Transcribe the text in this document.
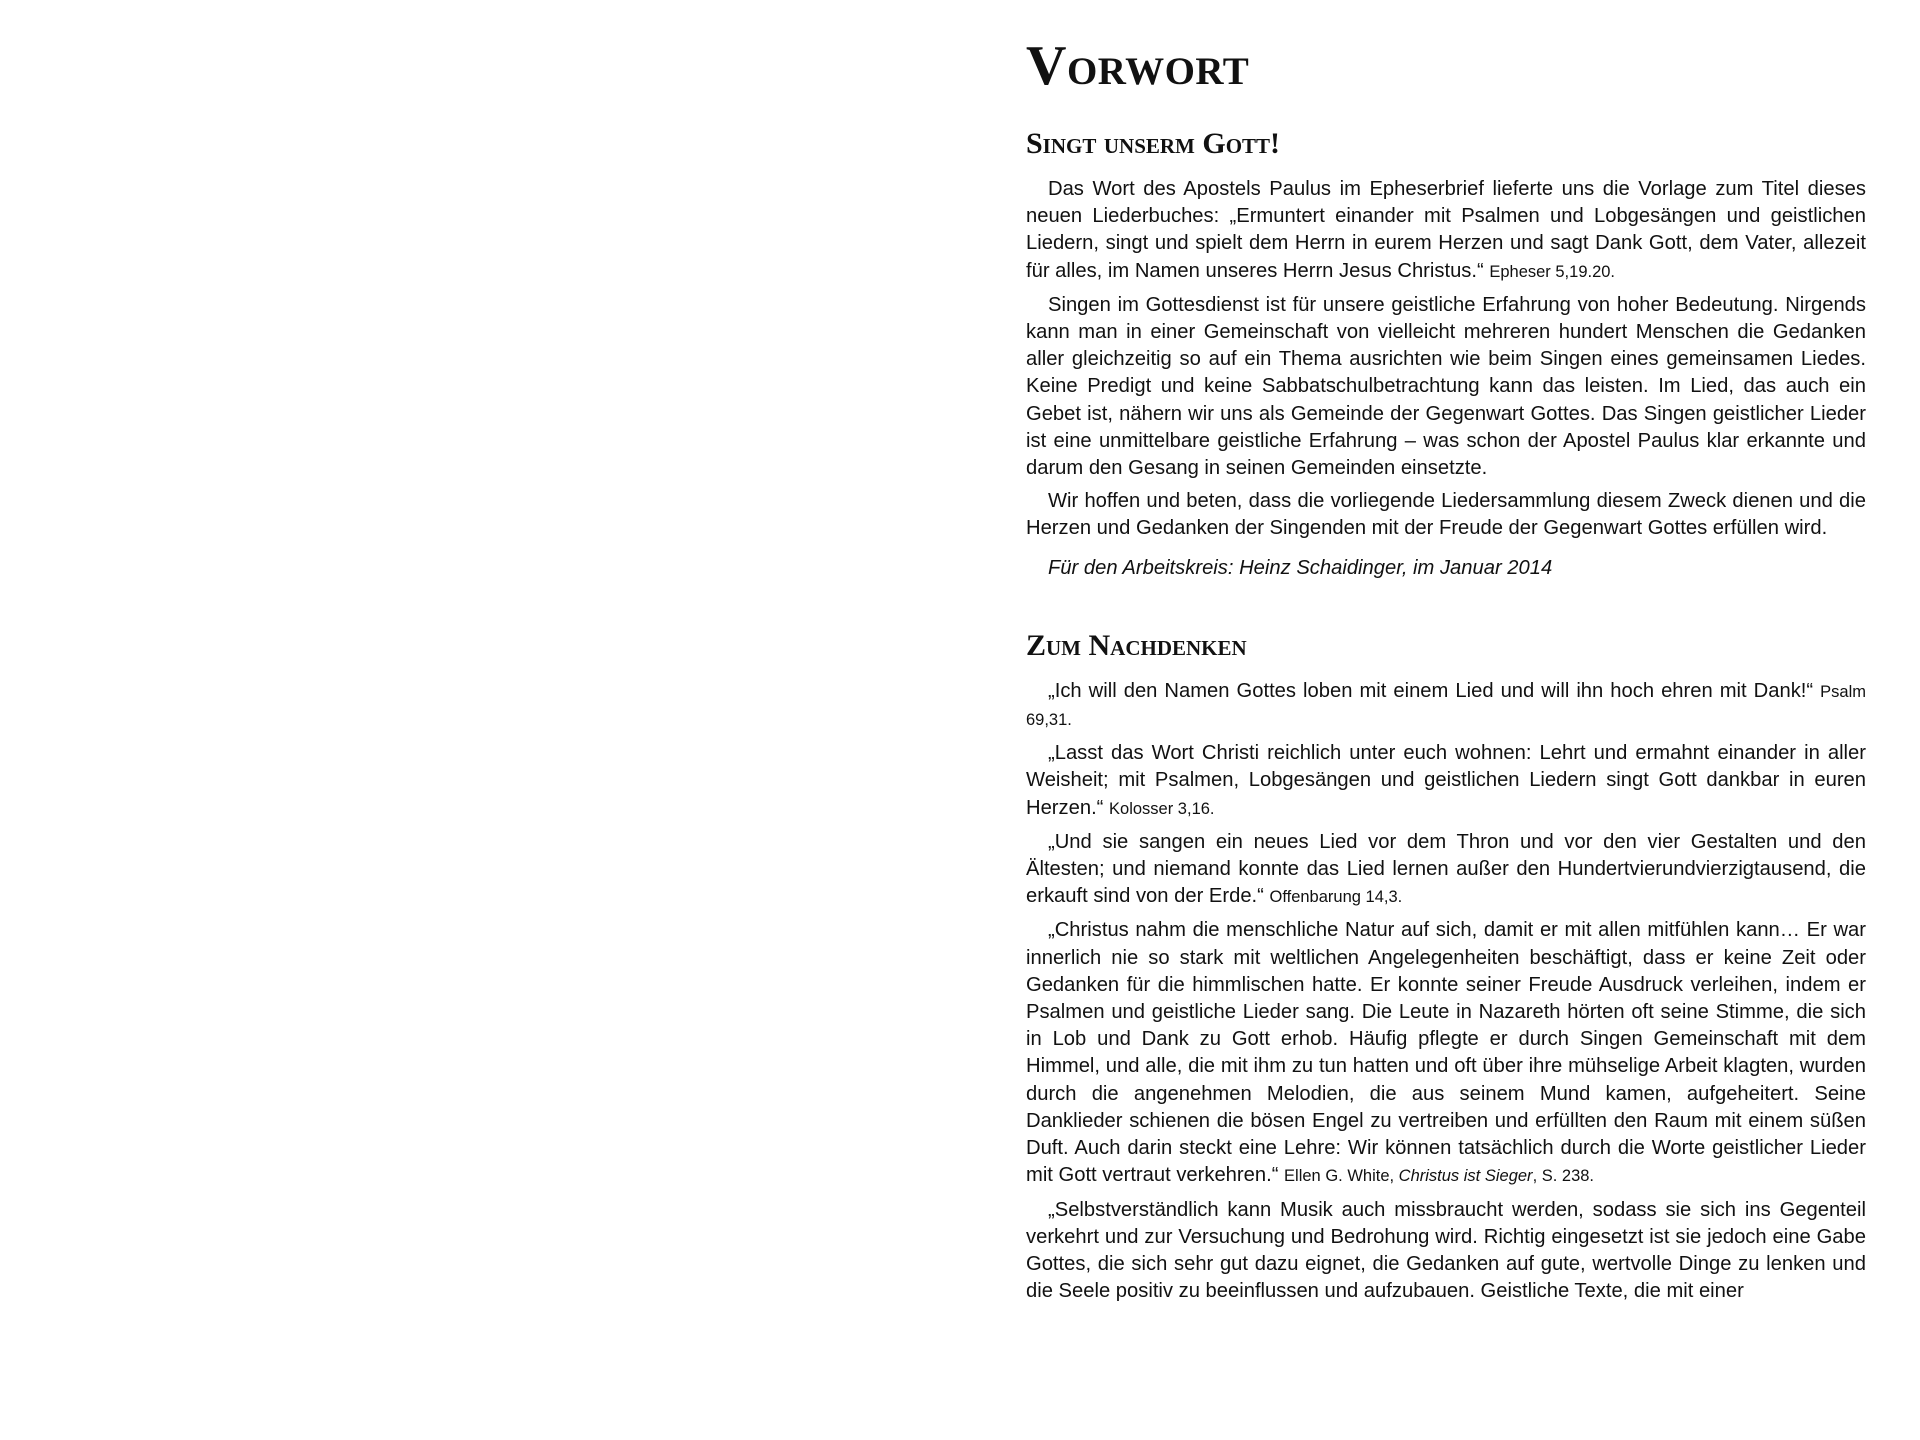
Vorwort
Singt unserm Gott!

Das Wort des Apostels Paulus im Epheserbrief lieferte uns die Vorlage zum Titel dieses neuen Liederbuches: „Ermuntert einander mit Psalmen und Lobgesängen und geistlichen Liedern, singt und spielt dem Herrn in eurem Herzen und sagt Dank Gott, dem Vater, allezeit für alles, im Namen unseres Herrn Jesus Christus.“ Epheser 5,19.20.

Singen im Gottesdienst ist für unsere geistliche Erfahrung von hoher Bedeutung. Nirgends kann man in einer Gemeinschaft von vielleicht mehreren hundert Menschen die Gedanken aller gleichzeitig so auf ein Thema ausrichten wie beim Singen eines gemeinsamen Liedes. Keine Predigt und keine Sabbatschulbetrachtung kann das leisten. Im Lied, das auch ein Gebet ist, nähern wir uns als Gemeinde der Gegenwart Gottes. Das Singen geistlicher Lieder ist eine unmittelbare geistliche Erfahrung – was schon der Apostel Paulus klar erkannte und darum den Gesang in seinen Gemeinden einsetzte.

Wir hoffen und beten, dass die vorliegende Liedersammlung diesem Zweck dienen und die Herzen und Gedanken der Singenden mit der Freude der Gegenwart Gottes erfüllen wird.

Für den Arbeitskreis: Heinz Schaidinger, im Januar 2014

Zum Nachdenken

„Ich will den Namen Gottes loben mit einem Lied und will ihn hoch ehren mit Dank!“ Psalm 69,31.

„Lasst das Wort Christi reichlich unter euch wohnen: Lehrt und ermahnt einander in aller Weisheit; mit Psalmen, Lobgesängen und geistlichen Liedern singt Gott dankbar in euren Herzen.“ Kolosser 3,16.

„Und sie sangen ein neues Lied vor dem Thron und vor den vier Gestalten und den Ältesten; und niemand konnte das Lied lernen außer den Hundertvierundvierzigtausend, die erkauft sind von der Erde.“ Offenbarung 14,3.

„Christus nahm die menschliche Natur auf sich, damit er mit allen mitfühlen kann… Er war innerlich nie so stark mit weltlichen Angelegenheiten beschäftigt, dass er keine Zeit oder Gedanken für die himmlischen hatte. Er konnte seiner Freude Ausdruck verleihen, indem er Psalmen und geistliche Lieder sang. Die Leute in Nazareth hörten oft seine Stimme, die sich in Lob und Dank zu Gott erhob. Häufig pflegte er durch Singen Gemeinschaft mit dem Himmel, und alle, die mit ihm zu tun hatten und oft über ihre mühselige Arbeit klagten, wurden durch die angenehmen Melodien, die aus seinem Mund kamen, aufgeheitert. Seine Danklieder schienen die bösen Engel zu vertreiben und erfüllten den Raum mit einem süßen Duft. Auch darin steckt eine Lehre: Wir können tatsächlich durch die Worte geistlicher Lieder mit Gott vertraut verkehren.“ Ellen G. White, Christus ist Sieger, S. 238.

„Selbstverständlich kann Musik auch missbraucht werden, sodass sie sich ins Gegenteil verkehrt und zur Versuchung und Bedrohung wird. Richtig eingesetzt ist sie jedoch eine Gabe Gottes, die sich sehr gut dazu eignet, die Gedanken auf gute, wertvolle Dinge zu lenken und die Seele positiv zu beeinflussen und aufzubauen. Geistliche Texte, die mit einer
